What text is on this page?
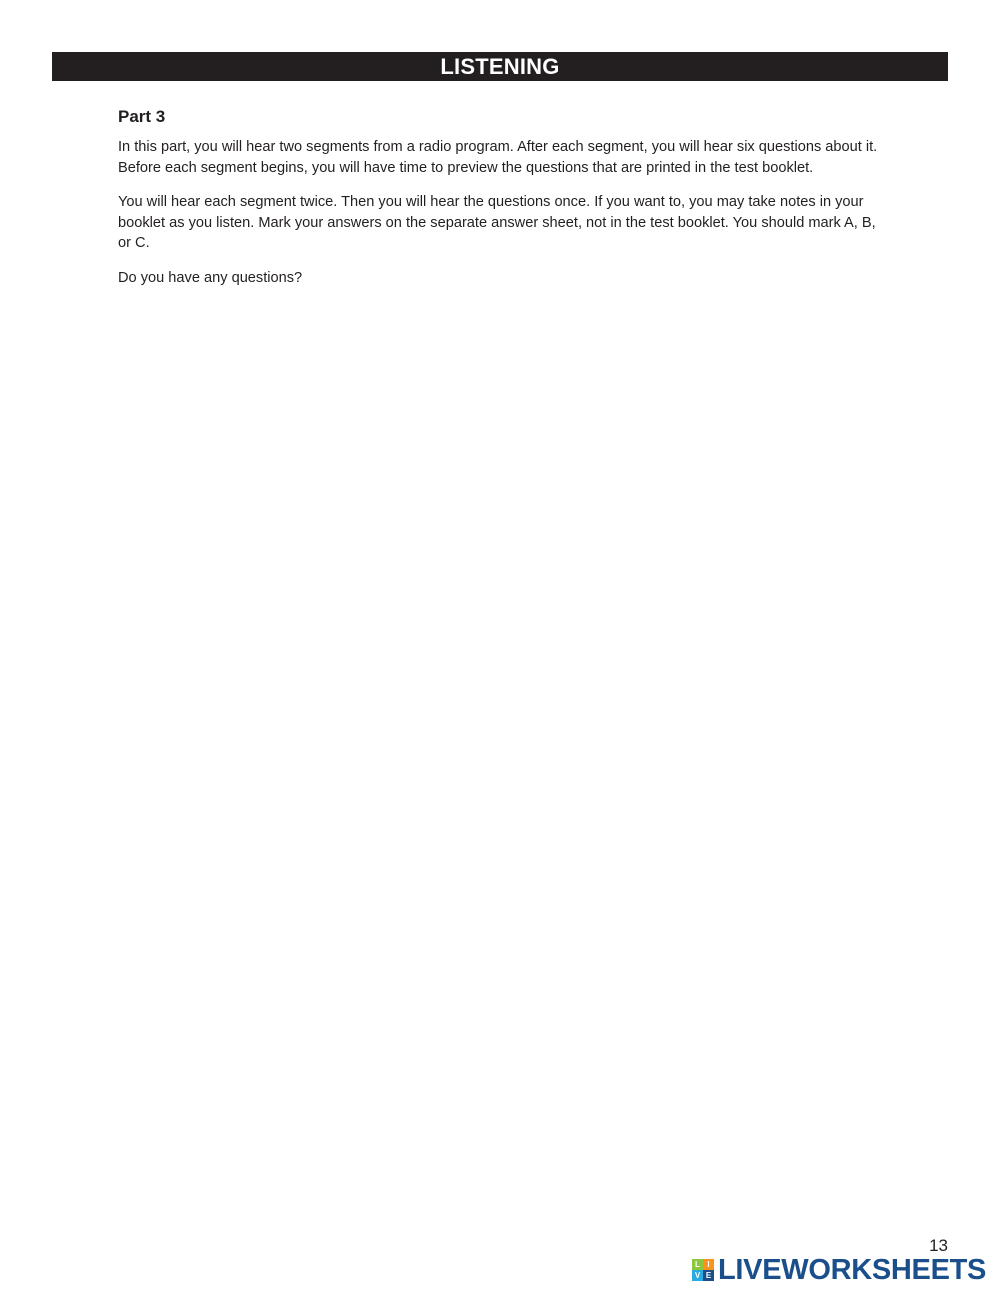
LISTENING
Part 3

In this part, you will hear two segments from a radio program. After each segment, you will hear six questions about it. Before each segment begins, you will have time to preview the questions that are printed in the test booklet.

You will hear each segment twice. Then you will hear the questions once. If you want to, you may take notes in your booklet as you listen. Mark your answers on the separate answer sheet, not in the test booklet. You should mark A, B, or C.

Do you have any questions?

13
L I
V E LIVEWORKSHEETS
